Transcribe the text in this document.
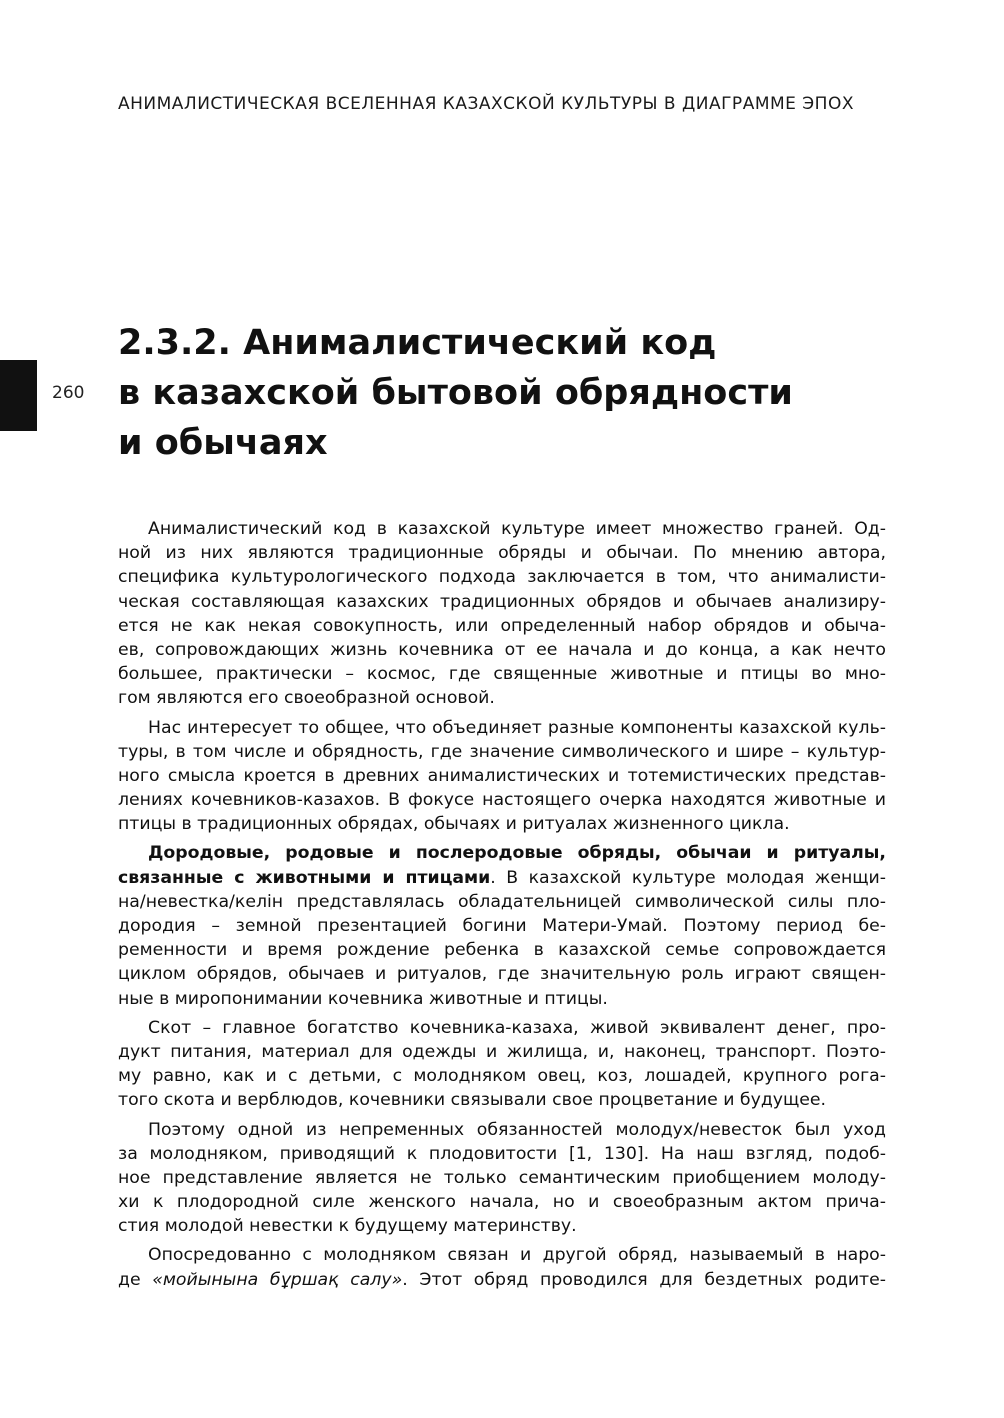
АНИМАЛИСТИЧЕСКАЯ ВСЕЛЕННАЯ КАЗАХСКОЙ КУЛЬТУРЫ В ДИАГРАММЕ ЭПОХ
260
2.3.2. Анималистический код
в казахской бытовой обрядности
и обычаях
Анималистический код в казахской культуре имеет множество граней. Од-
ной из них являются традиционные обряды и обычаи. По мнению автора,
специфика культурологического подхода заключается в том, что анималисти-
ческая составляющая казахских традиционных обрядов и обычаев анализиру-
ется не как некая совокупность, или определенный набор обрядов и обыча-
ев, сопровождающих жизнь кочевника от ее начала и до конца, а как нечто
большее, практически – космос, где священные животные и птицы во мно-
гом являются его своеобразной основой.
Нас интересует то общее, что объединяет разные компоненты казахской куль-
туры, в том числе и обрядность, где значение символического и шире – культур-
ного смысла кроется в древних анималистических и тотемистических представ-
лениях кочевников-казахов. В фокусе настоящего очерка находятся животные и
птицы в традиционных обрядах, обычаях и ритуалах жизненного цикла.
Дородовые, родовые и послеродовые обряды, обычаи и ритуалы,
связанные с животными и птицами. В казахской культуре молодая женщи-
на/невестка/келін представлялась обладательницей символической силы пло-
дородия – земной презентацией богини Матери-Умай. Поэтому период бе-
ременности и время рождение ребенка в казахской семье сопровождается
циклом обрядов, обычаев и ритуалов, где значительную роль играют священ-
ные в миропонимании кочевника животные и птицы.
Скот – главное богатство кочевника-казаха, живой эквивалент денег, про-
дукт питания, материал для одежды и жилища, и, наконец, транспорт. Поэто-
му равно, как и с детьми, с молодняком овец, коз, лошадей, крупного рога-
того скота и верблюдов, кочевники связывали свое процветание и будущее.
Поэтому одной из непременных обязанностей молодух/невесток был уход
за молодняком, приводящий к плодовитости [1, 130]. На наш взгляд, подоб-
ное представление является не только семантическим приобщением молоду-
хи к плодородной силе женского начала, но и своеобразным актом прича-
стия молодой невестки к будущему материнству.
Опосредованно с молодняком связан и другой обряд, называемый в наро-
де «мойынына бұршақ салу». Этот обряд проводился для бездетных родите-
